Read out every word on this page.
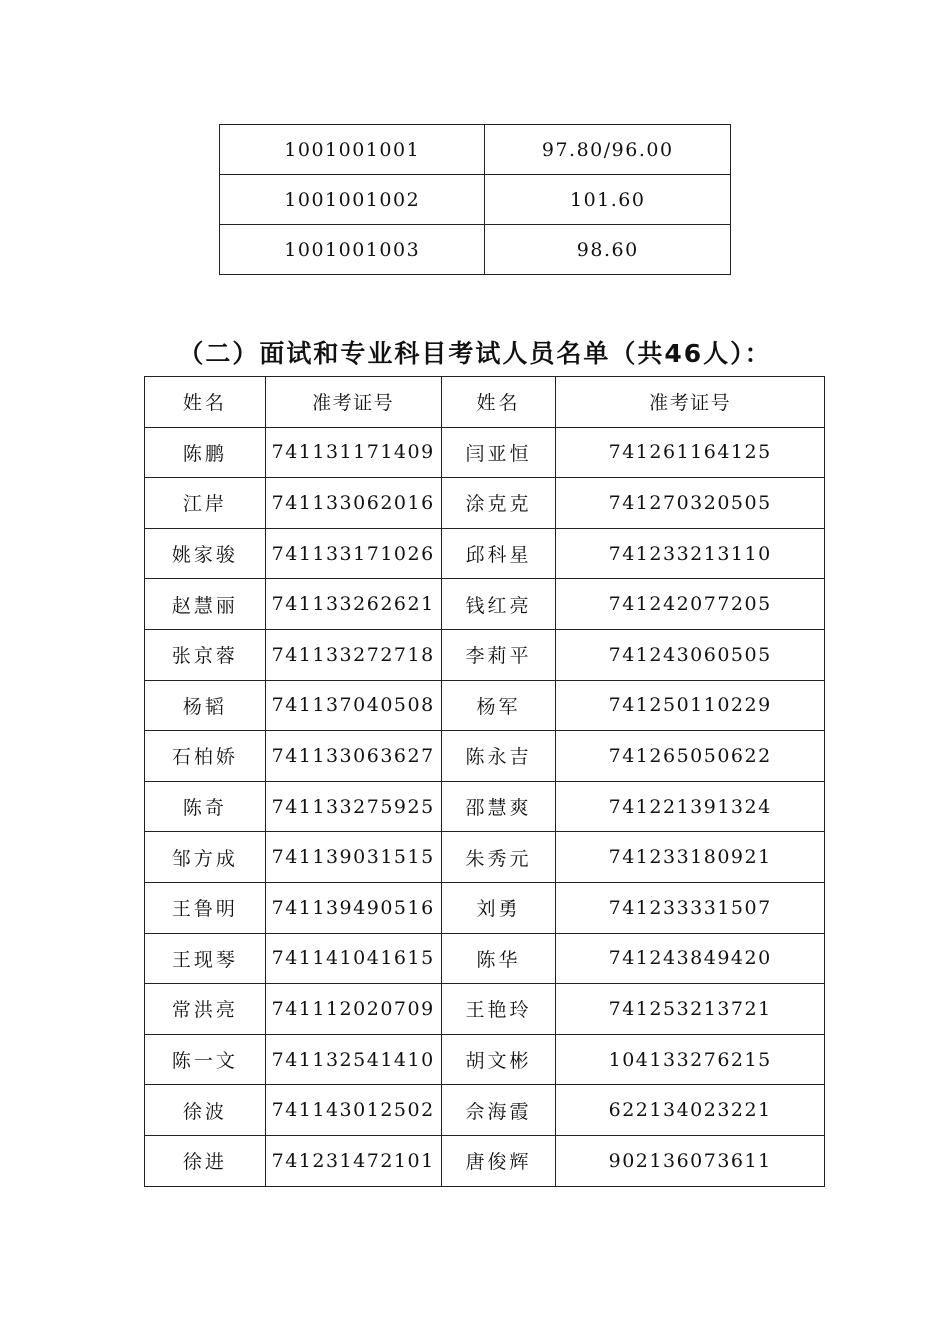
1001001001	97.80/96.00
1001001002	101.60
1001001003	98.60
（二）面试和专业科目考试人员名单（共46人）：
姓名	准考证号	姓名	准考证号
陈鹏	741131171409	闫亚恒	741261164125
江岸	741133062016	涂克克	741270320505
姚家骏	741133171026	邱科星	741233213110
赵慧丽	741133262621	钱红亮	741242077205
张京蓉	741133272718	李莉平	741243060505
杨韬	741137040508	杨军	741250110229
石柏娇	741133063627	陈永吉	741265050622
陈奇	741133275925	邵慧爽	741221391324
邹方成	741139031515	朱秀元	741233180921
王鲁明	741139490516	刘勇	741233331507
王现琴	741141041615	陈华	741243849420
常洪亮	741112020709	王艳玲	741253213721
陈一文	741132541410	胡文彬	104133276215
徐波	741143012502	佘海霞	622134023221
徐进	741231472101	唐俊辉	902136073611
